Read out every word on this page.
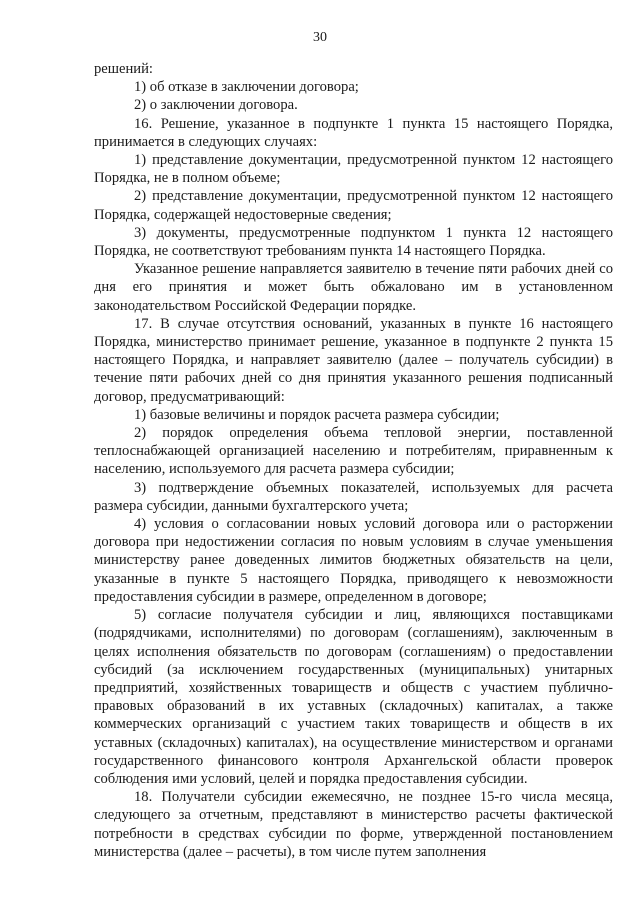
30

решений:

1) об отказе в заключении договора;

2) о заключении договора.

16. Решение, указанное в подпункте 1 пункта 15 настоящего Порядка, принимается в следующих случаях:

1) представление документации, предусмотренной пунктом 12 настоящего Порядка, не в полном объеме;

2) представление документации, предусмотренной пунктом 12 настоящего Порядка, содержащей недостоверные сведения;

3) документы, предусмотренные подпунктом 1 пункта 12 настоящего Порядка, не соответствуют требованиям пункта 14 настоящего Порядка.

Указанное решение направляется заявителю в течение пяти рабочих дней со дня его принятия и может быть обжаловано им в установленном законодательством Российской Федерации порядке.

17. В случае отсутствия оснований, указанных в пункте 16 настоящего Порядка, министерство принимает решение, указанное в подпункте 2 пункта 15 настоящего Порядка, и направляет заявителю (далее – получатель субсидии) в течение пяти рабочих дней со дня принятия указанного решения подписанный договор, предусматривающий:

1) базовые величины и порядок расчета размера субсидии;

2) порядок определения объема тепловой энергии, поставленной теплоснабжающей организацией населению и потребителям, приравненным к населению, используемого для расчета размера субсидии;

3) подтверждение объемных показателей, используемых для расчета размера субсидии, данными бухгалтерского учета;

4) условия о согласовании новых условий договора или о расторжении договора при недостижении согласия по новым условиям в случае уменьшения министерству ранее доведенных лимитов бюджетных обязательств на цели, указанные в пункте 5 настоящего Порядка, приводящего к невозможности предоставления субсидии в размере, определенном в договоре;

5) согласие получателя субсидии и лиц, являющихся поставщиками (подрядчиками, исполнителями) по договорам (соглашениям), заключенным в целях исполнения обязательств по договорам (соглашениям) о предоставлении субсидий (за исключением государственных (муниципальных) унитарных предприятий, хозяйственных товариществ и обществ с участием публично-правовых образований в их уставных (складочных) капиталах, а также коммерческих организаций с участием таких товариществ и обществ в их уставных (складочных) капиталах), на осуществление министерством и органами государственного финансового контроля Архангельской области проверок соблюдения ими условий, целей и порядка предоставления субсидии.

18. Получатели субсидии ежемесячно, не позднее 15-го числа месяца, следующего за отчетным, представляют в министерство расчеты фактической потребности в средствах субсидии по форме, утвержденной постановлением министерства (далее – расчеты), в том числе путем заполнения
